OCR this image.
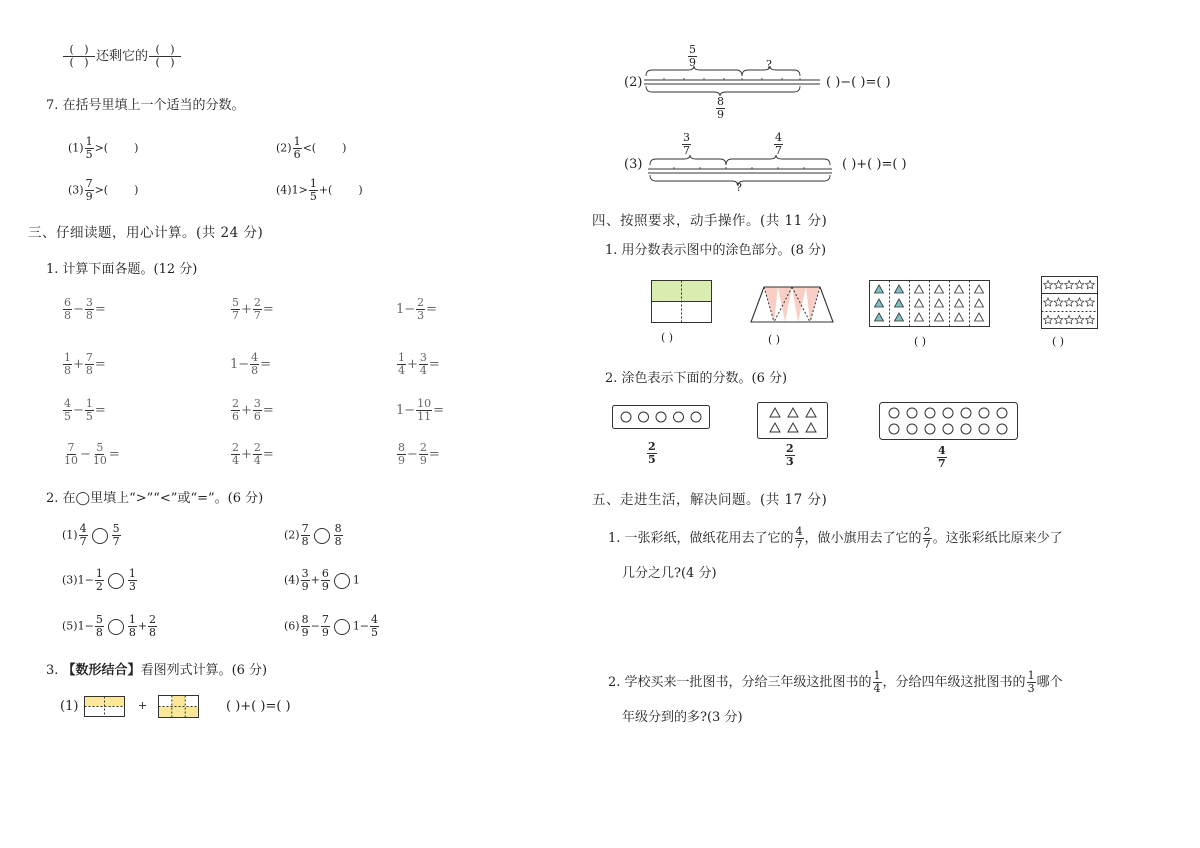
$\frac{( )}{( )}$ 还剩它的 $\frac{( )}{( )}$
7. 在括号里填上一个适当的分数。
$(1) \frac{1}{5}$ >( )	$(2) \frac{1}{6}$ <( )
$(3) \frac{7}{9}$ >( )	$(4)1> \frac{1}{5}$ +( )
三、仔细读题，用心计算。(共 24 分)
1. 计算下面各题。(12 分)
$\frac{6}{8} - \frac{3}{8}$ =	$\frac{5}{7} + \frac{2}{7}$ =	$1- \frac{2}{3}$ =
$\frac{1}{8} + \frac{7}{8}$ =	$1- \frac{4}{8}$ =	$\frac{1}{4} + \frac{3}{4}$ =
$\frac{4}{5} - \frac{1}{5}$ =	$\frac{2}{6} + \frac{3}{6}$ =	$1- \frac{10}{11}$ =
$\frac{7}{10} - \frac{5}{10}$ =	$\frac{2}{4} + \frac{2}{4}$ =	$\frac{8}{9} - \frac{2}{9}$ =
2. 在◯里填上“>”“<”或“=”。(6 分)
$(1) \frac{4}{7} \frac{5}{7}$	$(2) \frac{7}{8} \frac{8}{8}$
$(3)1- \frac{1}{2} \frac{1}{3}$	$(4) \frac{3}{9} + \frac{6}{9} 1$
$(5)1- \frac{5}{8} \frac{1}{8} + \frac{2}{8}$	$(6) \frac{8}{9} - \frac{7}{9} 1- \frac{4}{5}$
3. 【数形结合】看图列式计算。(6 分)
(1)	+	( )+( )=( )
(2)
$\frac{5}{9}$	?
$\frac{8}{9}$
( )−( )=( )
(3)
$\frac{3}{7}$	$\frac{4}{7}$
?
( )+( )=( )
四、按照要求，动手操作。(共 11 分)
1. 用分数表示图中的涂色部分。(8 分)
( )	( )	( )	( )
2. 涂色表示下面的分数。(6 分)
$\frac{2}{5}$	$\frac{2}{3}$	$\frac{4}{7}$
五、走进生活，解决问题。(共 17 分)
1. 一张彩纸，做纸花用去了它的 $\frac{4}{7}$ ，做小旗用去了它的 $\frac{2}{7}$ 。这张彩纸比原来少了
几分之几?(4 分)
2. 学校买来一批图书，分给三年级这批图书的 $\frac{1}{4}$ ，分给四年级这批图书的 $\frac{1}{3}$ 哪个
年级分到的多?(3 分)
